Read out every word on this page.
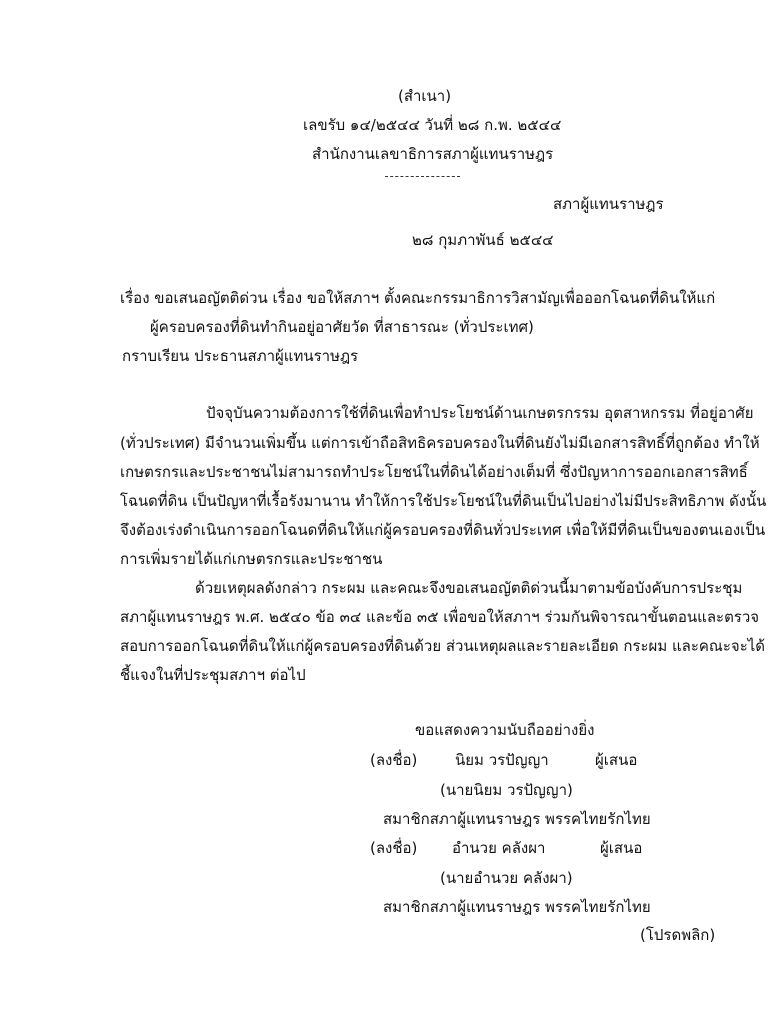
(สำเนา)
เลขรับ ๑๔/๒๕๔๔ วันที่ ๒๘ ก.พ. ๒๕๔๔
สำนักงานเลขาธิการสภาผู้แทนราษฎร
สภาผู้แทนราษฎร
๒๘ กุมภาพันธ์ ๒๕๔๔
เรื่อง ขอเสนอญัตติด่วน เรื่อง ขอให้สภาฯ ตั้งคณะกรรมาธิการวิสามัญเพื่อออกโฉนดที่ดินให้แก่
ผู้ครอบครองที่ดินทำกินอยู่อาศัยวัด ที่สาธารณะ (ทั่วประเทศ)
กราบเรียน ประธานสภาผู้แทนราษฎร
ปัจจุบันความต้องการใช้ที่ดินเพื่อทำประโยชน์ด้านเกษตรกรรม อุตสาหกรรม ที่อยู่อาศัย
(ทั่วประเทศ) มีจำนวนเพิ่มขึ้น แต่การเข้าถือสิทธิครอบครองในที่ดินยังไม่มีเอกสารสิทธิ์ที่ถูกต้อง ทำให้
เกษตรกรและประชาชนไม่สามารถทำประโยชน์ในที่ดินได้อย่างเต็มที่ ซึ่งปัญหาการออกเอกสารสิทธิ์
โฉนดที่ดิน เป็นปัญหาที่เรื้อรังมานาน ทำให้การใช้ประโยชน์ในที่ดินเป็นไปอย่างไม่มีประสิทธิภาพ ดังนั้น
จึงต้องเร่งดำเนินการออกโฉนดที่ดินให้แก่ผู้ครอบครองที่ดินทั่วประเทศ เพื่อให้มีที่ดินเป็นของตนเองเป็น
การเพิ่มรายได้แก่เกษตรกรและประชาชน
ด้วยเหตุผลดังกล่าว กระผม และคณะจึงขอเสนอญัตติด่วนนี้มาตามข้อบังคับการประชุม
สภาผู้แทนราษฎร พ.ศ. ๒๕๔๐ ข้อ ๓๔ และข้อ ๓๕ เพื่อขอให้สภาฯ ร่วมกันพิจารณาขั้นตอนและตรวจ
สอบการออกโฉนดที่ดินให้แก่ผู้ครอบครองที่ดินด้วย ส่วนเหตุผลและรายละเอียด กระผม และคณะจะได้
ชี้แจงในที่ประชุมสภาฯ ต่อไป
ขอแสดงความนับถืออย่างยิ่ง
(ลงชื่อ)	นิยม วรปัญญา	ผู้เสนอ
(นายนิยม วรปัญญา)
สมาชิกสภาผู้แทนราษฎร พรรคไทยรักไทย
(ลงชื่อ) อำนวย คลังผา	ผู้เสนอ
(นายอำนวย คลังผา)
สมาชิกสภาผู้แทนราษฎร พรรคไทยรักไทย
(โปรดพลิก)
